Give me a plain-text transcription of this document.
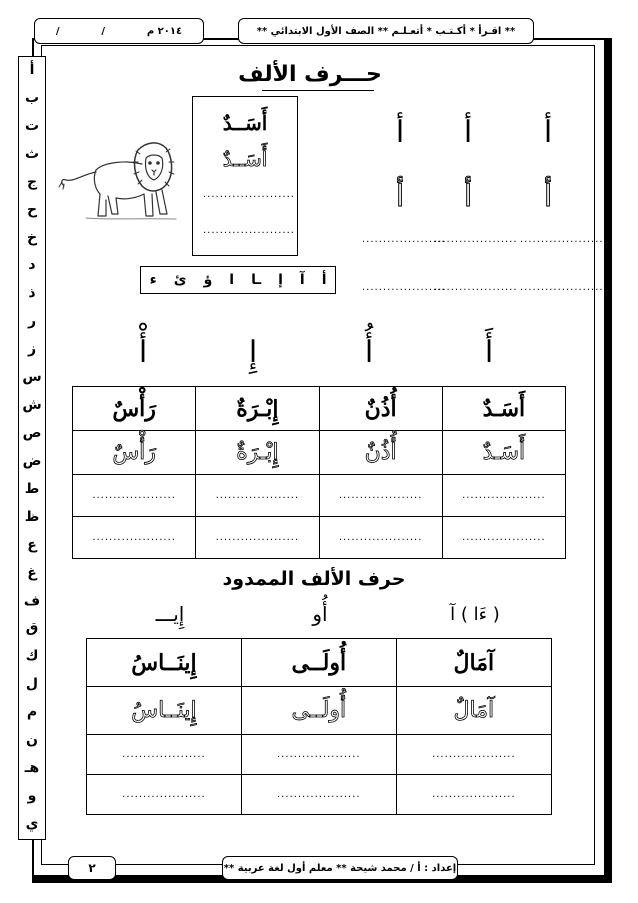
٢٠١٤ م
/
/	** اقـرأ * أكـتـب * أتعـلـم ** الصف الأول الابتدائي **
أ
ب
ت
ث
ج
ح
خ
د
ذ
ر
ز
س
ش
ص
ض
ط
ظ
ع
غ
ف
ق
ك
ل
م
ن
هـ
و
ي
حـــرف الألف
أ
أ
أ
أ
أ
أ
....................
....................
....................
....................
....................
....................
أَسَــدٌ
أَسَــدٌ
......................
......................
أ
آ
إ
ـا
ا
ؤ
ئ
ء
أَ
أُ
إِ
أْ
أَسَـدٌ	أُذُنٌ	إِبْـرَةٌ	رَأْسٌ
أَسَـدٌ	أُذُنٌ	إِبْـرَةٌ	رَأْسٌ
....................	....................	....................	....................
....................	....................	....................	....................
حرف الألف الممدود
( ءَا ) آ
أُو
إِيـــ
آمَالٌ	أُولَــى	إِينَــاسُ
آمَالٌ	أُولَــى	إِينَــاسُ
....................	....................	....................
....................	....................	....................
٢	إعداد : أ / محمد شيحة ** معلم أول لغة عربية **
